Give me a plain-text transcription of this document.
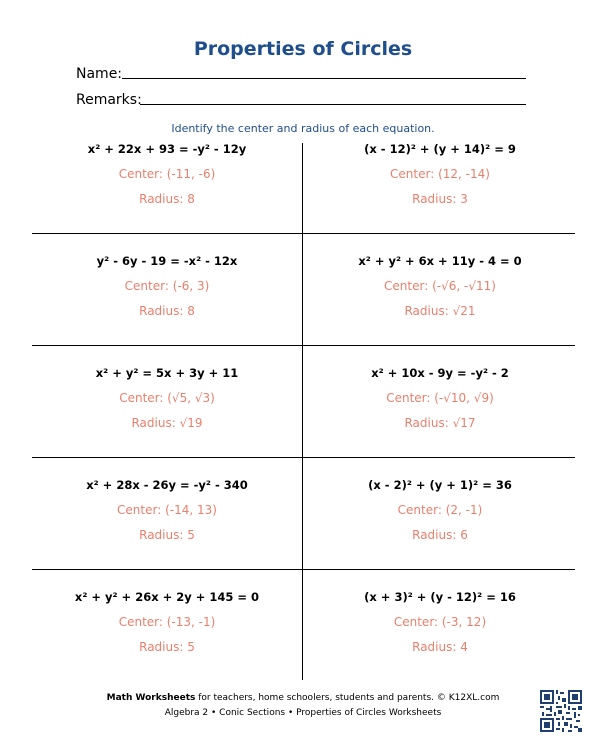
Properties of Circles
Name:
Remarks:
Identify the center and radius of each equation.
x² + 22x + 93 = -y² - 12y
Center: (-11, -6)
Radius: 8
(x - 12)² + (y + 14)² = 9
Center: (12, -14)
Radius: 3
y² - 6y - 19 = -x² - 12x
Center: (-6, 3)
Radius: 8
x² + y² + 6x + 11y - 4 = 0
Center: (-√6, -√11)
Radius: √21
x² + y² = 5x + 3y + 11
Center: (√5, √3)
Radius: √19
x² + 10x - 9y = -y² - 2
Center: (-√10, √9)
Radius: √17
x² + 28x - 26y = -y² - 340
Center: (-14, 13)
Radius: 5
(x - 2)² + (y + 1)² = 36
Center: (2, -1)
Radius: 6
x² + y² + 26x + 2y + 145 = 0
Center: (-13, -1)
Radius: 5
(x + 3)² + (y - 12)² = 16
Center: (-3, 12)
Radius: 4
Math Worksheets for teachers, home schoolers, students and parents. © K12XL.com
Algebra 2 • Conic Sections • Properties of Circles Worksheets
